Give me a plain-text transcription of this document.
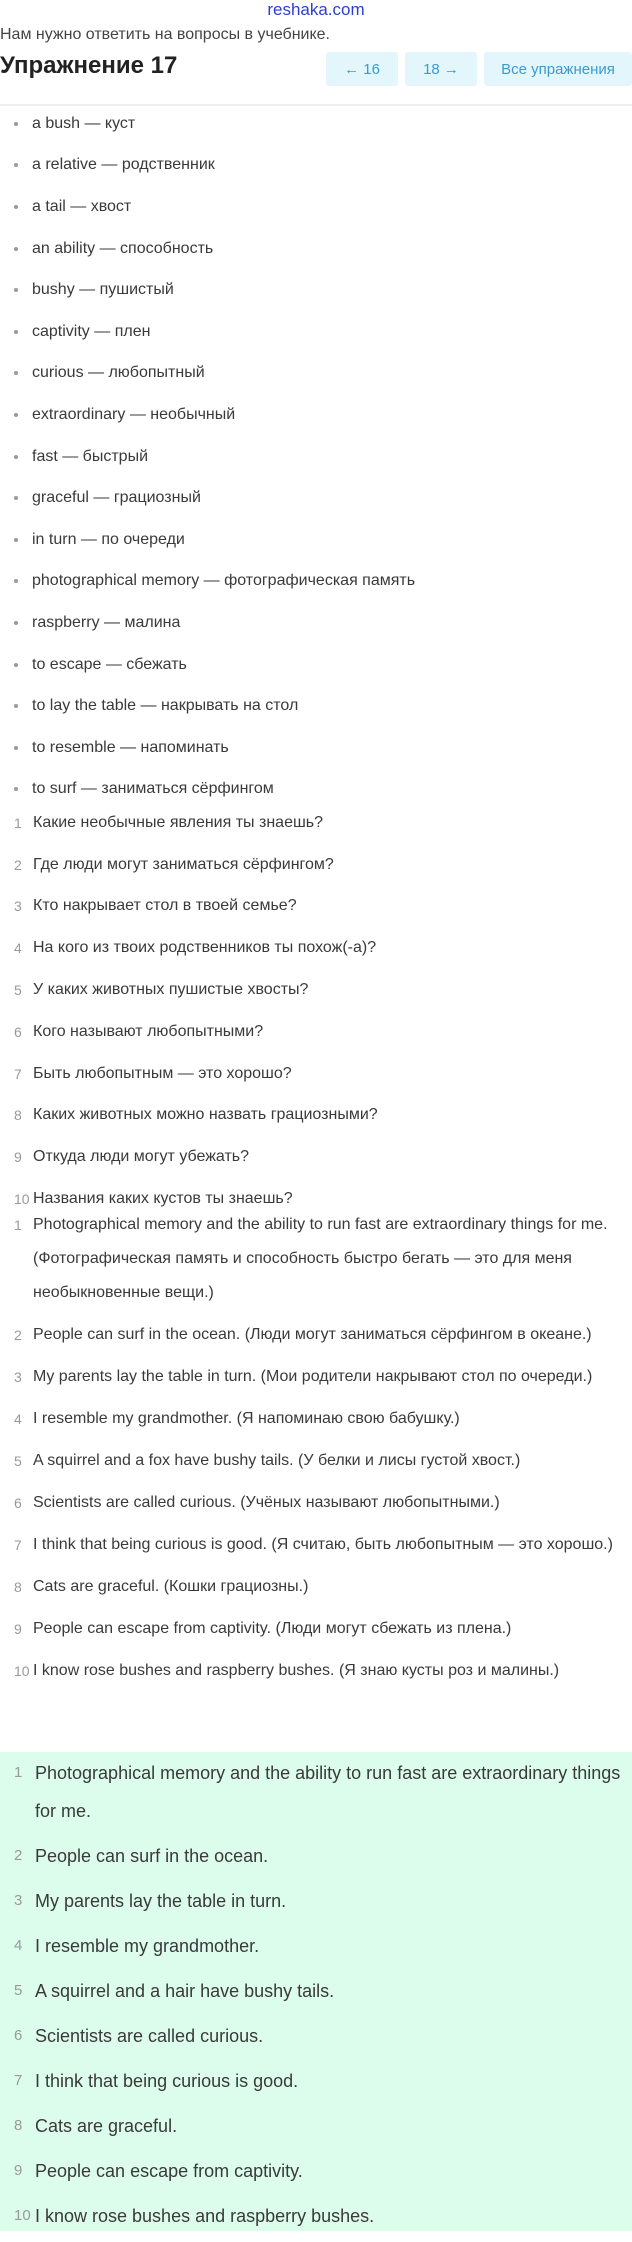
reshaka.com
Нам нужно ответить на вопросы в учебнике.
Упражнение 17	← 16	18 →	Все упражнения
a bush — куст
a relative — родственник
a tail — хвост
an ability — способность
bushy — пушистый
captivity — плен
curious — любопытный
extraordinary — необычный
fast — быстрый
graceful — грациозный
in turn — по очереди
photographical memory — фотографическая память
raspberry — малина
to escape — сбежать
to lay the table — накрывать на стол
to resemble — напоминать
to surf — заниматься сёрфингом
1 Какие необычные явления ты знаешь?
2 Где люди могут заниматься сёрфингом?
3 Кто накрывает стол в твоей семье?
4 На кого из твоих родственников ты похож(-а)?
5 У каких животных пушистые хвосты?
6 Кого называют любопытными?
7 Быть любопытным — это хорошо?
8 Каких животных можно назвать грациозными?
9 Откуда люди могут убежать?
10 Названия каких кустов ты знаешь?
1 Photographical memory and the ability to run fast are extraordinary things for me. (Фотографическая память и способность быстро бегать — это для меня необыкновенные вещи.)
2 People can surf in the ocean. (Люди могут заниматься сёрфингом в океане.)
3 My parents lay the table in turn. (Мои родители накрывают стол по очереди.)
4 I resemble my grandmother. (Я напоминаю свою бабушку.)
5 A squirrel and a fox have bushy tails. (У белки и лисы густой хвост.)
6 Scientists are called curious. (Учёных называют любопытными.)
7 I think that being curious is good. (Я считаю, быть любопытным — это хорошо.)
8 Cats are graceful. (Кошки грациозны.)
9 People can escape from captivity. (Люди могут сбежать из плена.)
10 I know rose bushes and raspberry bushes. (Я знаю кусты роз и малины.)
1 Photographical memory and the ability to run fast are extraordinary things for me.
2 People can surf in the ocean.
3 My parents lay the table in turn.
4 I resemble my grandmother.
5 A squirrel and a hair have bushy tails.
6 Scientists are called curious.
7 I think that being curious is good.
8 Cats are graceful.
9 People can escape from captivity.
10 I know rose bushes and raspberry bushes.
